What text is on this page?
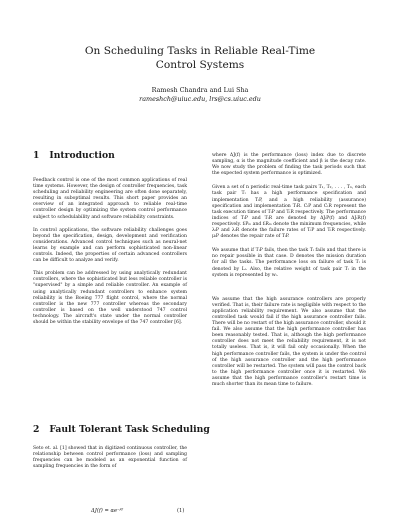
On Scheduling Tasks in Reliable Real-Time
Control Systems
Ramesh Chandra and Lui Sha
rameshch@uiuc.edu, lrs@cs.uiuc.edu
1 Introduction

Feedback control is one of the most common applications of real time systems. However, the design of controller frequencies, task scheduling and reliability engineering are often done separately, resulting in suboptimal results. This short paper provides an overview of an integrated approach to reliable real-time controller design by optimizing the system control performance subject to schedulability and software reliability constraints.

In control applications, the software reliability challenges goes beyond the specification, design, development and verification considerations. Advanced control techniques such as neural-net learns by example and can perform sophisticated non-linear controls. Indeed, the properties of certain advanced controllers can be difficult to analyze and verify.

This problem can be addressed by using analytically redundant controllers, where the sophisticated but less reliable controller is "supervised" by a simple and reliable controller. An example of using analytically redundant controllers to enhance system reliability is the Boeing 777 flight control, where the normal controller is the new 777 controller whereas the secondary controller is based on the well understood 747 control technology. The aircraft's state under the normal controller should be within the stability envelope of the 747 controller [6].

2 Fault Tolerant Task Scheduling

Seto et. al. [1] showed that in digitized continuous controller, the relationship between control performance (loss) and sampling frequencies can be modeled as an exponential function of sampling frequencies in the form of

ΔJ(f) = αe⁻ᵝᶠ	(1)

where ΔJ(f) is the performance (loss) index due to discrete sampling, α is the magnitude coefficient and β is the decay rate. We now study the problem of finding the task periods such that the expected system performance is optimized.

Given a set of n periodic real-time task pairs T₁, T₂, . . . , Tₙ, each task pair Tᵢ has a high performance specification and implementation TᵢP, and a high reliability (assurance) specification and implementation TᵢR. CᵢP and CᵢR represent the task execution times of TᵢP and TᵢR respectively. The performance indices of TᵢP and TᵢR are denoted by ΔJᵢP(f) and ΔJᵢR(f) respectively. fᵢPₘ and fᵢRₘ denote the minimum frequencies, while λᵢP and λᵢR denote the failure rates of TᵢP and TᵢR respectively. μᵢP denotes the repair rate of TᵢP.

We assume that if TᵢP fails, then the task Tᵢ fails and that there is no repair possible in that case. D denotes the mission duration for all the tasks. The performance loss on failure of task Tᵢ is denoted by Lᵢ. Also, the relative weight of task pair Tᵢ in the system is represented by wᵢ.

We assume that the high assurance controllers are properly verified. That is, their failure rate is negligible with respect to the application reliability requirement. We also assume that the controlled task would fail if the high assurance controller fails. There will be no restart of the high assurance controller, should it fail. We also assume that the high performance controller has been reasonably tested. That is, although the high performance controller does not meet the reliability requirement, it is not totally useless. That is, it will fail only occasionally. When the high performance controller fails, the system is under the control of the high assurance controller and the high performance controller will be restarted. The system will pass the control back to the high performance controller once it is restarted. We assume that the high performance controller's restart time is much shorter than its mean time to failure.
